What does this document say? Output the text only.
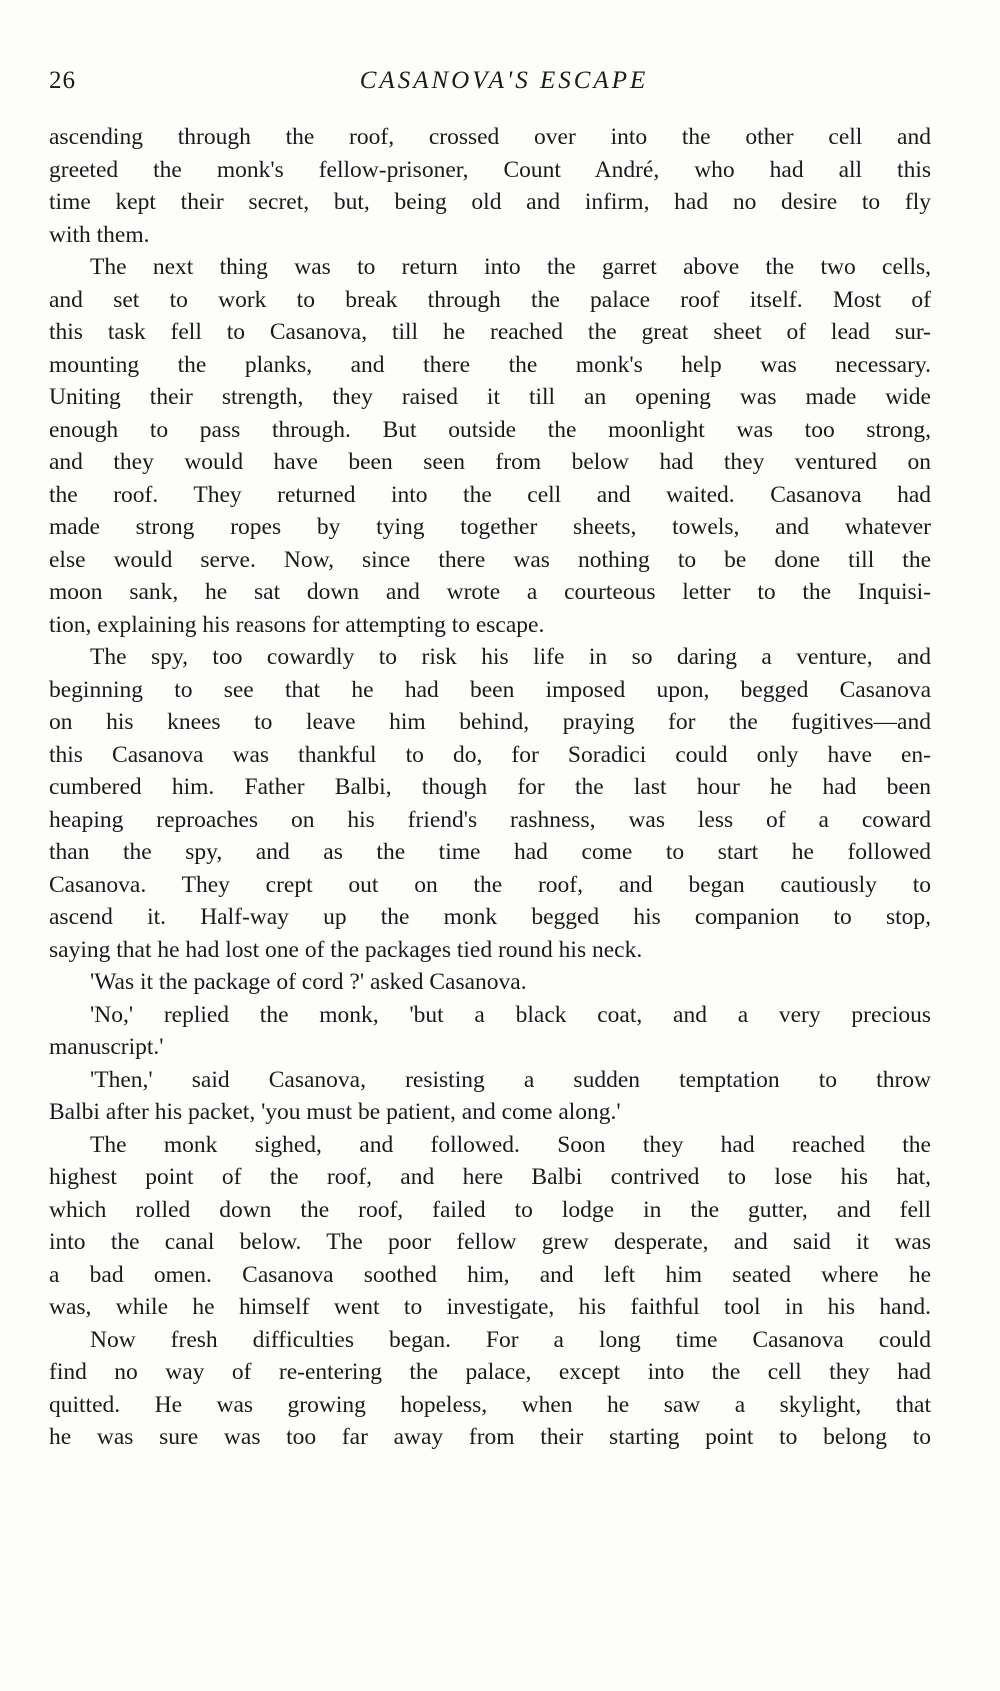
26	CASANOVA'S ESCAPE
ascending through the roof, crossed over into the other cell and
greeted the monk's fellow-prisoner, Count André, who had all this
time kept their secret, but, being old and infirm, had no desire to fly
with them.
The next thing was to return into the garret above the two cells,
and set to work to break through the palace roof itself. Most of
this task fell to Casanova, till he reached the great sheet of lead sur-
mounting the planks, and there the monk's help was necessary.
Uniting their strength, they raised it till an opening was made wide
enough to pass through. But outside the moonlight was too strong,
and they would have been seen from below had they ventured on
the roof. They returned into the cell and waited. Casanova had
made strong ropes by tying together sheets, towels, and whatever
else would serve. Now, since there was nothing to be done till the
moon sank, he sat down and wrote a courteous letter to the Inquisi-
tion, explaining his reasons for attempting to escape.
The spy, too cowardly to risk his life in so daring a venture, and
beginning to see that he had been imposed upon, begged Casanova
on his knees to leave him behind, praying for the fugitives—and
this Casanova was thankful to do, for Soradici could only have en-
cumbered him. Father Balbi, though for the last hour he had been
heaping reproaches on his friend's rashness, was less of a coward
than the spy, and as the time had come to start he followed
Casanova. They crept out on the roof, and began cautiously to
ascend it. Half-way up the monk begged his companion to stop,
saying that he had lost one of the packages tied round his neck.
'Was it the package of cord ?' asked Casanova.
'No,' replied the monk, 'but a black coat, and a very precious
manuscript.'
'Then,' said Casanova, resisting a sudden temptation to throw
Balbi after his packet, 'you must be patient, and come along.'
The monk sighed, and followed. Soon they had reached the
highest point of the roof, and here Balbi contrived to lose his hat,
which rolled down the roof, failed to lodge in the gutter, and fell
into the canal below. The poor fellow grew desperate, and said it was
a bad omen. Casanova soothed him, and left him seated where he
was, while he himself went to investigate, his faithful tool in his hand.
Now fresh difficulties began. For a long time Casanova could
find no way of re-entering the palace, except into the cell they had
quitted. He was growing hopeless, when he saw a skylight, that
he was sure was too far away from their starting point to belong to
